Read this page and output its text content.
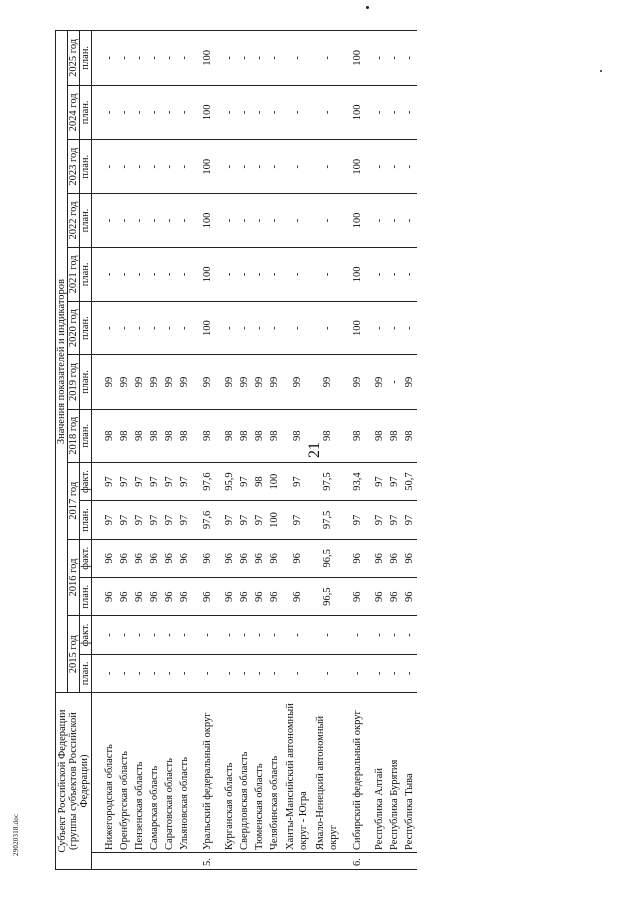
21
Субъект Российской Федерации (группы субъектов Российской Федерации)		Значения показателей и индикаторов													
		2015 год		2016 год		2017 год		2018 год	2019 год	2020 год	2021 год	2022 год	2023 год	2024 год	2025 год
		план.	факт.	план.	факт.	план.	факт.	план.	план.	план.	план.	план.	план.	план.	план.

	Нижегородская область	-	-	96	96	97	97	98	99	-	-	-	-	-	-
	Оренбургская область	-	-	96	96	97	97	98	99	-	-	-	-	-	-
	Пензенская область	-	-	96	96	97	97	98	99	-	-	-	-	-	-
	Самарская область	-	-	96	96	97	97	98	99	-	-	-	-	-	-
	Саратовская область	-	-	96	96	97	97	98	99	-	-	-	-	-	-
	Ульяновская область	-	-	96	96	97	97	98	99	-	-	-	-	-	-
5.	Уральский федеральный округ	-	-	96	96	97,6	97,6	98	99	100	100	100	100	100	100
	Курганская область	-	-	96	96	97	95,9	98	99	-	-	-	-	-	-
	Свердловская область	-	-	96	96	97	97	98	99	-	-	-	-	-	-
	Тюменская область	-	-	96	96	97	98	98	99	-	-	-	-	-	-
	Челябинская область	-	-	96	96	100	100	98	99	-	-	-	-	-	-
	Ханты-Мансийский автономный округ - Югра	-	-	96	96	97	97	98	99	-	-	-	-	-	-
	Ямало-Ненецкий автономный округ	-	-	96,5	96,5	97,5	97,5	98	99	-	-	-	-	-	-
6.	Сибирский федеральный округ	-	-	96	96	97	93,4	98	99	100	100	100	100	100	100
	Республика Алтай	-	-	96	96	97	97	98	99	-	-	-	-	-	-
	Республика Бурятия	-	-	96	96	97	97	98	-	-	-	-	-	-	-
	Республика Тыва	-	-	96	96	97	50,7	98	99	-	-	-	-	-	-
29020318.doc
